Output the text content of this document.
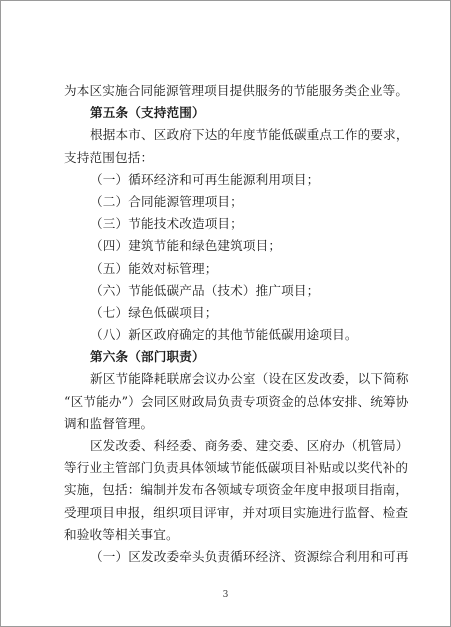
为本区实施合同能源管理项目提供服务的节能服务类企业等。
第五条（支持范围）
根据本市、区政府下达的年度节能低碳重点工作的要求，
支持范围包括：
（一）循环经济和可再生能源利用项目；
（二）合同能源管理项目；
（三）节能技术改造项目；
（四）建筑节能和绿色建筑项目；
（五）能效对标管理；
（六）节能低碳产品（技术）推广项目；
（七）绿色低碳项目；
（八）新区政府确定的其他节能低碳用途项目。
第六条（部门职责）
新区节能降耗联席会议办公室（设在区发改委，以下简称
“区节能办”）会同区财政局负责专项资金的总体安排、统筹协
调和监督管理。
区发改委、科经委、商务委、建交委、区府办（机管局）
等行业主管部门负责具体领域节能低碳项目补贴或以奖代补的
实施，包括：编制并发布各领域专项资金年度申报项目指南，
受理项目申报，组织项目评审，并对项目实施进行监督、检查
和验收等相关事宜。
（一）区发改委牵头负责循环经济、资源综合利用和可再
3
